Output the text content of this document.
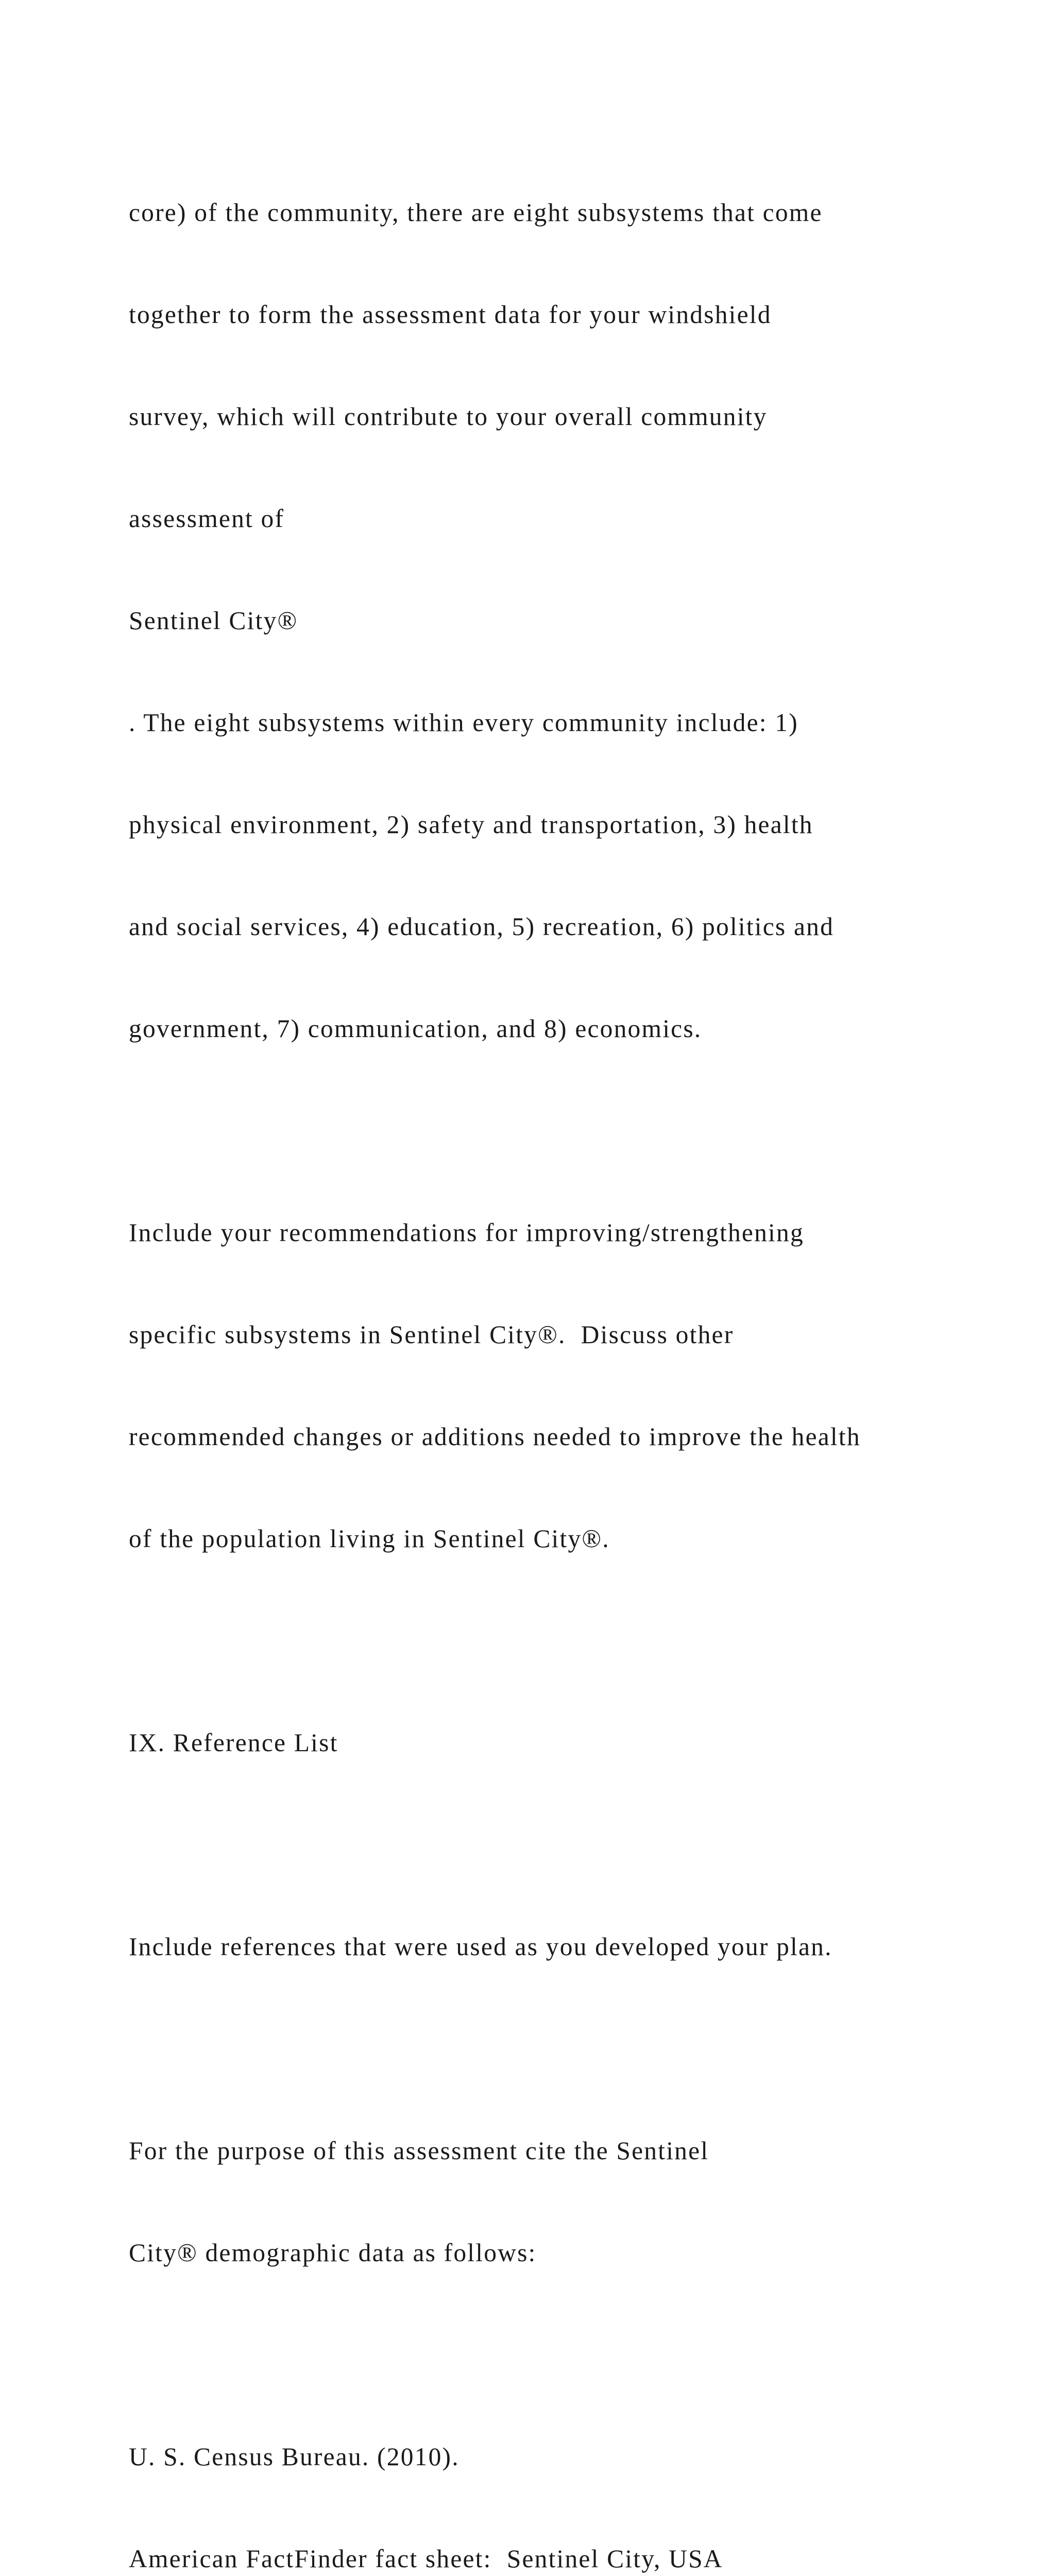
core) of the community, there are eight subsystems that come

together to form the assessment data for your windshield

survey, which will contribute to your overall community

assessment of

Sentinel City®

. The eight subsystems within every community include: 1)

physical environment, 2) safety and transportation, 3) health

and social services, 4) education, 5) recreation, 6) politics and

government, 7) communication, and 8) economics.

Include your recommendations for improving/strengthening

specific subsystems in Sentinel City®.  Discuss other

recommended changes or additions needed to improve the health

of the population living in Sentinel City®.

IX. Reference List

Include references that were used as you developed your plan.

For the purpose of this assessment cite the Sentinel

City® demographic data as follows:

U. S. Census Bureau. (2010).

American FactFinder fact sheet:  Sentinel City, USA
